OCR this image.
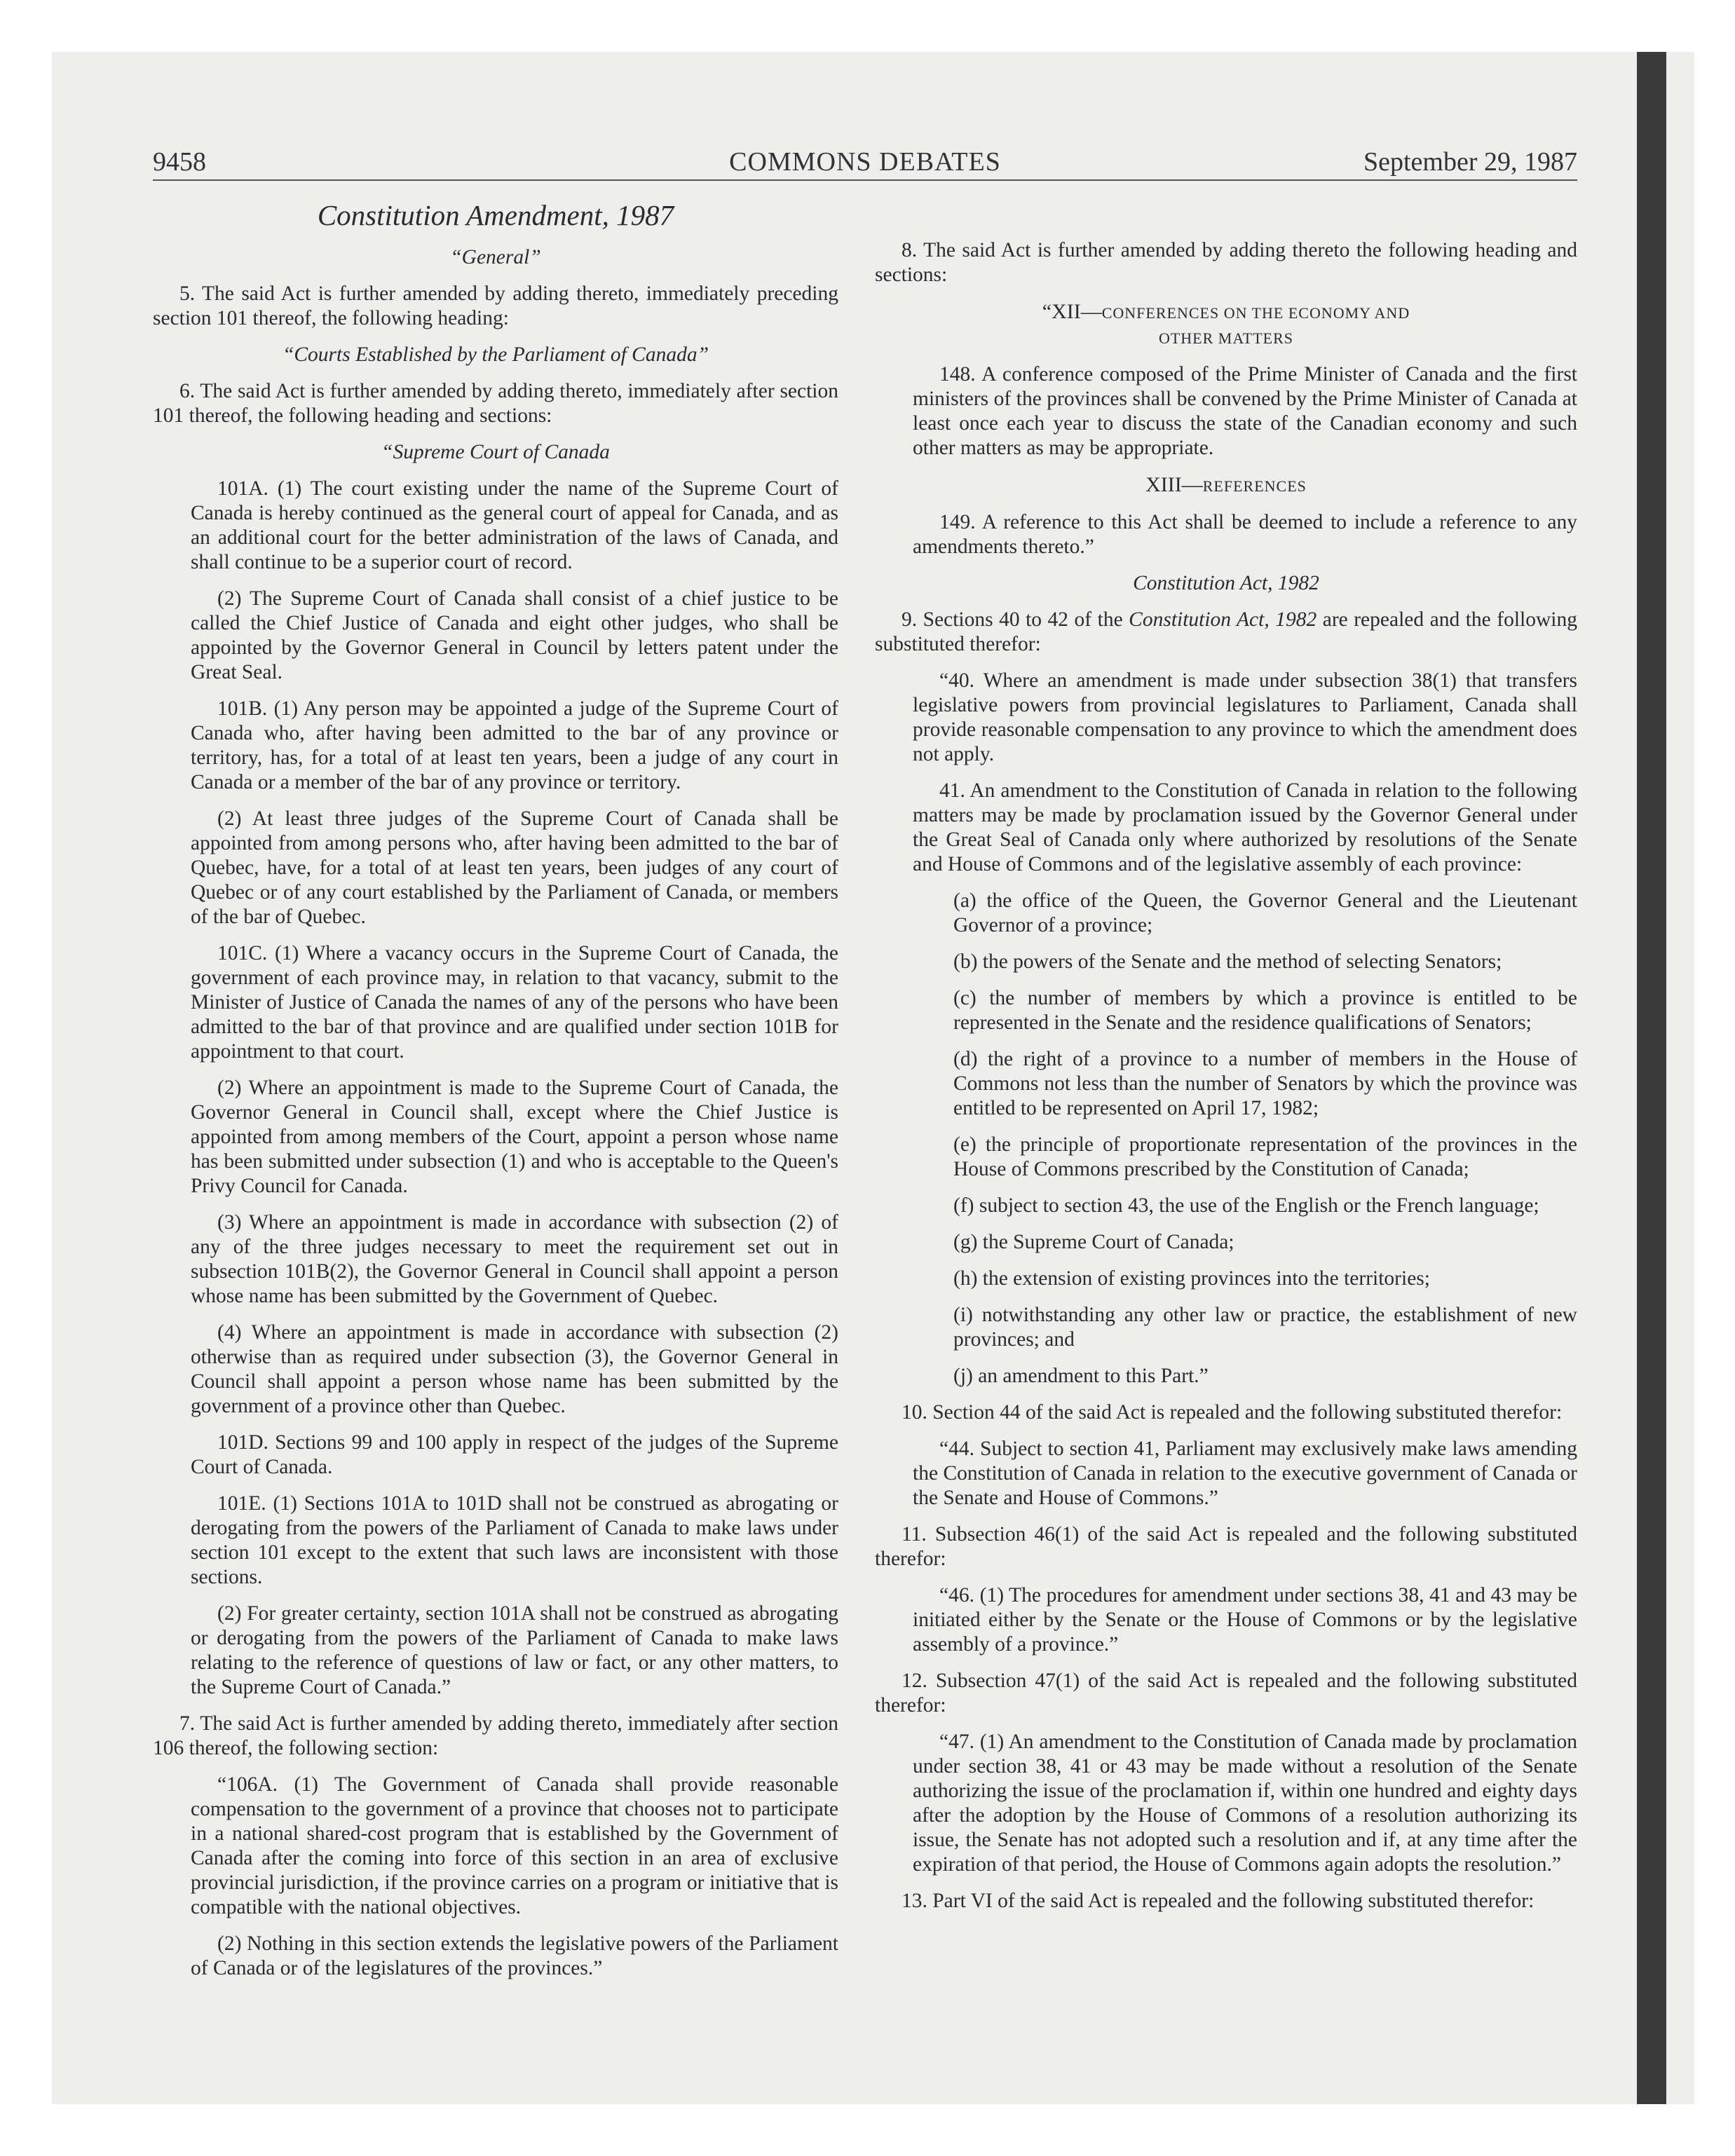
9458	COMMONS DEBATES	September 29, 1987

Constitution Amendment, 1987

“General”

5. The said Act is further amended by adding thereto, immediately preceding section 101 thereof, the following heading:

“Courts Established by the Parliament of Canada”

6. The said Act is further amended by adding thereto, immediately after section 101 thereof, the following heading and sections:

“Supreme Court of Canada

101A. (1) The court existing under the name of the Supreme Court of Canada is hereby continued as the general court of appeal for Canada, and as an additional court for the better administration of the laws of Canada, and shall continue to be a superior court of record.

(2) The Supreme Court of Canada shall consist of a chief justice to be called the Chief Justice of Canada and eight other judges, who shall be appointed by the Governor General in Council by letters patent under the Great Seal.

101B. (1) Any person may be appointed a judge of the Supreme Court of Canada who, after having been admitted to the bar of any province or territory, has, for a total of at least ten years, been a judge of any court in Canada or a member of the bar of any province or territory.

(2) At least three judges of the Supreme Court of Canada shall be appointed from among persons who, after having been admitted to the bar of Quebec, have, for a total of at least ten years, been judges of any court of Quebec or of any court established by the Parliament of Canada, or members of the bar of Quebec.

101C. (1) Where a vacancy occurs in the Supreme Court of Canada, the government of each province may, in relation to that vacancy, submit to the Minister of Justice of Canada the names of any of the persons who have been admitted to the bar of that province and are qualified under section 101B for appointment to that court.

(2) Where an appointment is made to the Supreme Court of Canada, the Governor General in Council shall, except where the Chief Justice is appointed from among members of the Court, appoint a person whose name has been submitted under subsection (1) and who is acceptable to the Queen's Privy Council for Canada.

(3) Where an appointment is made in accordance with subsection (2) of any of the three judges necessary to meet the requirement set out in subsection 101B(2), the Governor General in Council shall appoint a person whose name has been submitted by the Government of Quebec.

(4) Where an appointment is made in accordance with subsection (2) otherwise than as required under subsection (3), the Governor General in Council shall appoint a person whose name has been submitted by the government of a province other than Quebec.

101D. Sections 99 and 100 apply in respect of the judges of the Supreme Court of Canada.

101E. (1) Sections 101A to 101D shall not be construed as abrogating or derogating from the powers of the Parliament of Canada to make laws under section 101 except to the extent that such laws are inconsistent with those sections.

(2) For greater certainty, section 101A shall not be construed as abrogating or derogating from the powers of the Parliament of Canada to make laws relating to the reference of questions of law or fact, or any other matters, to the Supreme Court of Canada.”

7. The said Act is further amended by adding thereto, immediately after section 106 thereof, the following section:

“106A. (1) The Government of Canada shall provide reasonable compensation to the government of a province that chooses not to participate in a national shared-cost program that is established by the Government of Canada after the coming into force of this section in an area of exclusive provincial jurisdiction, if the province carries on a program or initiative that is compatible with the national objectives.

(2) Nothing in this section extends the legislative powers of the Parliament of Canada or of the legislatures of the provinces.”

8. The said Act is further amended by adding thereto the following heading and sections:

“XII—CONFERENCES ON THE ECONOMY AND
OTHER MATTERS

148. A conference composed of the Prime Minister of Canada and the first ministers of the provinces shall be convened by the Prime Minister of Canada at least once each year to discuss the state of the Canadian economy and such other matters as may be appropriate.

XIII—REFERENCES

149. A reference to this Act shall be deemed to include a reference to any amendments thereto.”

Constitution Act, 1982

9. Sections 40 to 42 of the Constitution Act, 1982 are repealed and the following substituted therefor:

“40. Where an amendment is made under subsection 38(1) that transfers legislative powers from provincial legislatures to Parliament, Canada shall provide reasonable compensation to any province to which the amendment does not apply.

41. An amendment to the Constitution of Canada in relation to the following matters may be made by proclamation issued by the Governor General under the Great Seal of Canada only where authorized by resolutions of the Senate and House of Commons and of the legislative assembly of each province:

(a) the office of the Queen, the Governor General and the Lieutenant Governor of a province;

(b) the powers of the Senate and the method of selecting Senators;

(c) the number of members by which a province is entitled to be represented in the Senate and the residence qualifications of Senators;

(d) the right of a province to a number of members in the House of Commons not less than the number of Senators by which the province was entitled to be represented on April 17, 1982;

(e) the principle of proportionate representation of the provinces in the House of Commons prescribed by the Constitution of Canada;

(f) subject to section 43, the use of the English or the French language;

(g) the Supreme Court of Canada;

(h) the extension of existing provinces into the territories;

(i) notwithstanding any other law or practice, the establishment of new provinces; and

(j) an amendment to this Part.”

10. Section 44 of the said Act is repealed and the following substituted therefor:

“44. Subject to section 41, Parliament may exclusively make laws amending the Constitution of Canada in relation to the executive government of Canada or the Senate and House of Commons.”

11. Subsection 46(1) of the said Act is repealed and the following substituted therefor:

“46. (1) The procedures for amendment under sections 38, 41 and 43 may be initiated either by the Senate or the House of Commons or by the legislative assembly of a province.”

12. Subsection 47(1) of the said Act is repealed and the following substituted therefor:

“47. (1) An amendment to the Constitution of Canada made by proclamation under section 38, 41 or 43 may be made without a resolution of the Senate authorizing the issue of the proclamation if, within one hundred and eighty days after the adoption by the House of Commons of a resolution authorizing its issue, the Senate has not adopted such a resolution and if, at any time after the expiration of that period, the House of Commons again adopts the resolution.”

13. Part VI of the said Act is repealed and the following substituted therefor:
